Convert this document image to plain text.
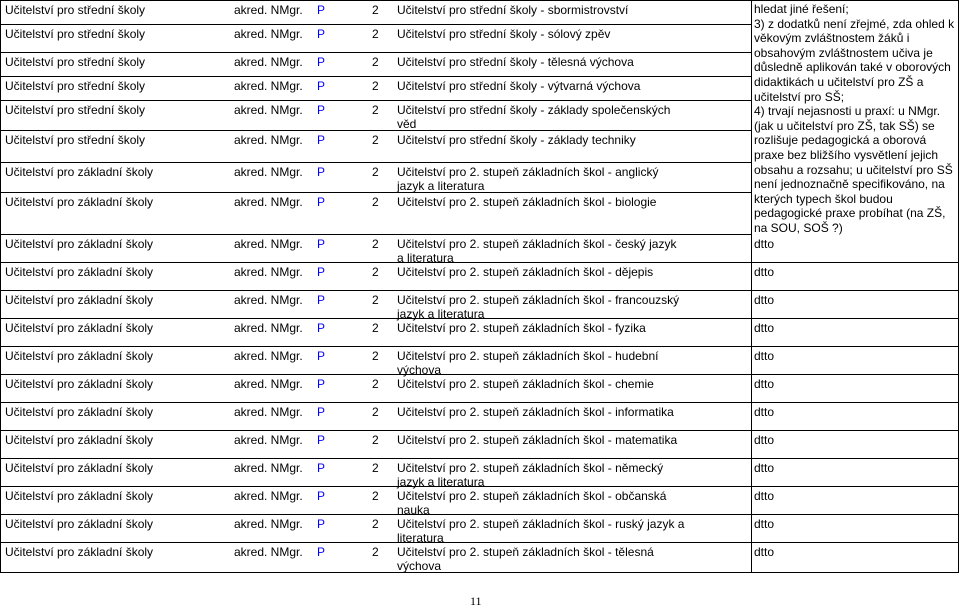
Učitelství pro střední školy	akred. NMgr. P	2 Učitelství pro střední školy - sbormistrovství
Učitelství pro střední školy	akred. NMgr. P	2 Učitelství pro střední školy - sólový zpěv
Učitelství pro střední školy	akred. NMgr. P	2 Učitelství pro střední školy - tělesná výchova
Učitelství pro střední školy	akred. NMgr. P	2 Učitelství pro střední školy - výtvarná výchova
Učitelství pro střední školy	akred. NMgr. P	2 Učitelství pro střední školy - základy společenských
věd
Učitelství pro střední školy	akred. NMgr. P	2 Učitelství pro střední školy - základy techniky
Učitelství pro základní školy	akred. NMgr. P	2 Učitelství pro 2. stupeň základních škol - anglický
jazyk a literatura
Učitelství pro základní školy	akred. NMgr. P	2 Učitelství pro 2. stupeň základních škol - biologie
Učitelství pro základní školy	akred. NMgr. P	2 Učitelství pro 2. stupeň základních škol - český jazyk
a literatura
dtto
Učitelství pro základní školy	akred. NMgr. P	2 Učitelství pro 2. stupeň základních škol - dějepis	dtto
Učitelství pro základní školy	akred. NMgr. P	2 Učitelství pro 2. stupeň základních škol - francouzský
jazyk a literatura
dtto
Učitelství pro základní školy	akred. NMgr. P	2 Učitelství pro 2. stupeň základních škol - fyzika	dtto
Učitelství pro základní školy	akred. NMgr. P	2 Učitelství pro 2. stupeň základních škol - hudební
výchova
dtto
Učitelství pro základní školy	akred. NMgr. P	2 Učitelství pro 2. stupeň základních škol - chemie	dtto
Učitelství pro základní školy	akred. NMgr. P	2 Učitelství pro 2. stupeň základních škol - informatika	dtto
Učitelství pro základní školy	akred. NMgr. P	2 Učitelství pro 2. stupeň základních škol - matematika	dtto
Učitelství pro základní školy	akred. NMgr. P	2 Učitelství pro 2. stupeň základních škol - německý
jazyk a literatura
dtto
Učitelství pro základní školy	akred. NMgr. P	2 Učitelství pro 2. stupeň základních škol - občanská
nauka
dtto
Učitelství pro základní školy	akred. NMgr. P	2 Učitelství pro 2. stupeň základních škol - ruský jazyk a
literatura
dtto
Učitelství pro základní školy	akred. NMgr. P	2 Učitelství pro 2. stupeň základních škol - tělesná
výchova
dtto
hledat jiné řešení;
3) z dodatků není zřejmé, zda ohled k
věkovým zvláštnostem žáků i
obsahovým zvláštnostem učiva je
důsledně aplikován také v oborových
didaktikách u učitelství pro ZŠ a
učitelství pro SŠ;
4) trvají nejasnosti u praxí: u NMgr.
(jak u učitelství pro ZŠ, tak SŠ) se
rozlišuje pedagogická a oborová
praxe bez bližšího vysvětlení jejich
obsahu a rozsahu; u učitelství pro SŠ
není jednoznačně specifikováno, na
kterých typech škol budou
pedagogické praxe probíhat (na ZŠ,
na SOU, SOŠ ?)
11
